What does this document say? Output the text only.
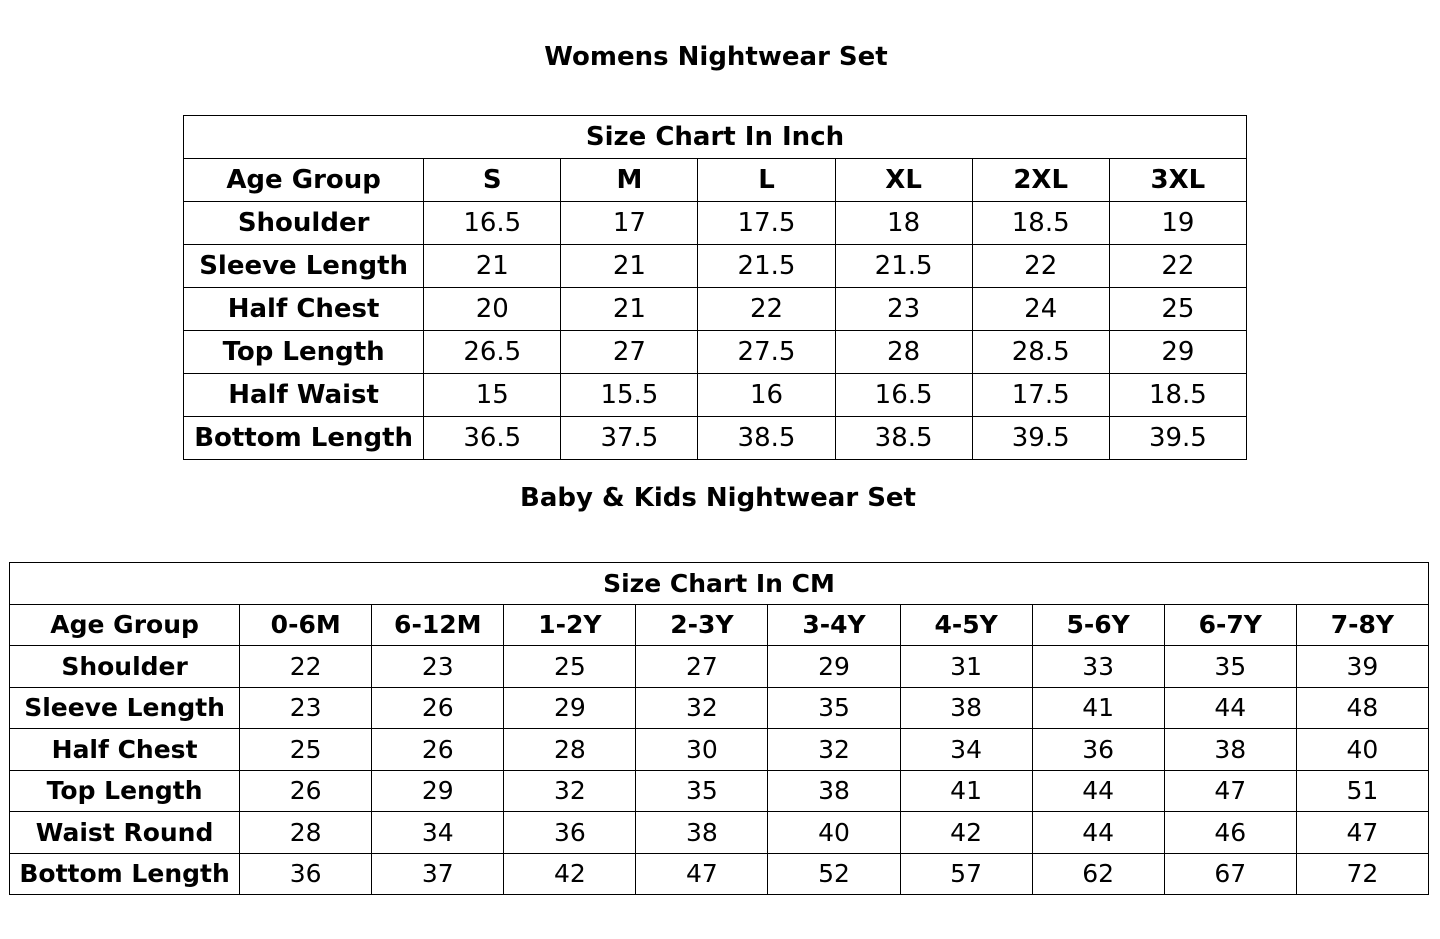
Womens Nightwear Set
Size Chart In Inch						
Age Group	S	M	L	XL	2XL	3XL
Shoulder	16.5	17	17.5	18	18.5	19
Sleeve Length	21	21	21.5	21.5	22	22
Half Chest	20	21	22	23	24	25
Top Length	26.5	27	27.5	28	28.5	29
Half Waist	15	15.5	16	16.5	17.5	18.5
Bottom Length	36.5	37.5	38.5	38.5	39.5	39.5
Baby & Kids Nightwear Set
Size Chart In CM									
Age Group	0-6M	6-12M	1-2Y	2-3Y	3-4Y	4-5Y	5-6Y	6-7Y	7-8Y
Shoulder	22	23	25	27	29	31	33	35	39
Sleeve Length	23	26	29	32	35	38	41	44	48
Half Chest	25	26	28	30	32	34	36	38	40
Top Length	26	29	32	35	38	41	44	47	51
Waist Round	28	34	36	38	40	42	44	46	47
Bottom Length	36	37	42	47	52	57	62	67	72
